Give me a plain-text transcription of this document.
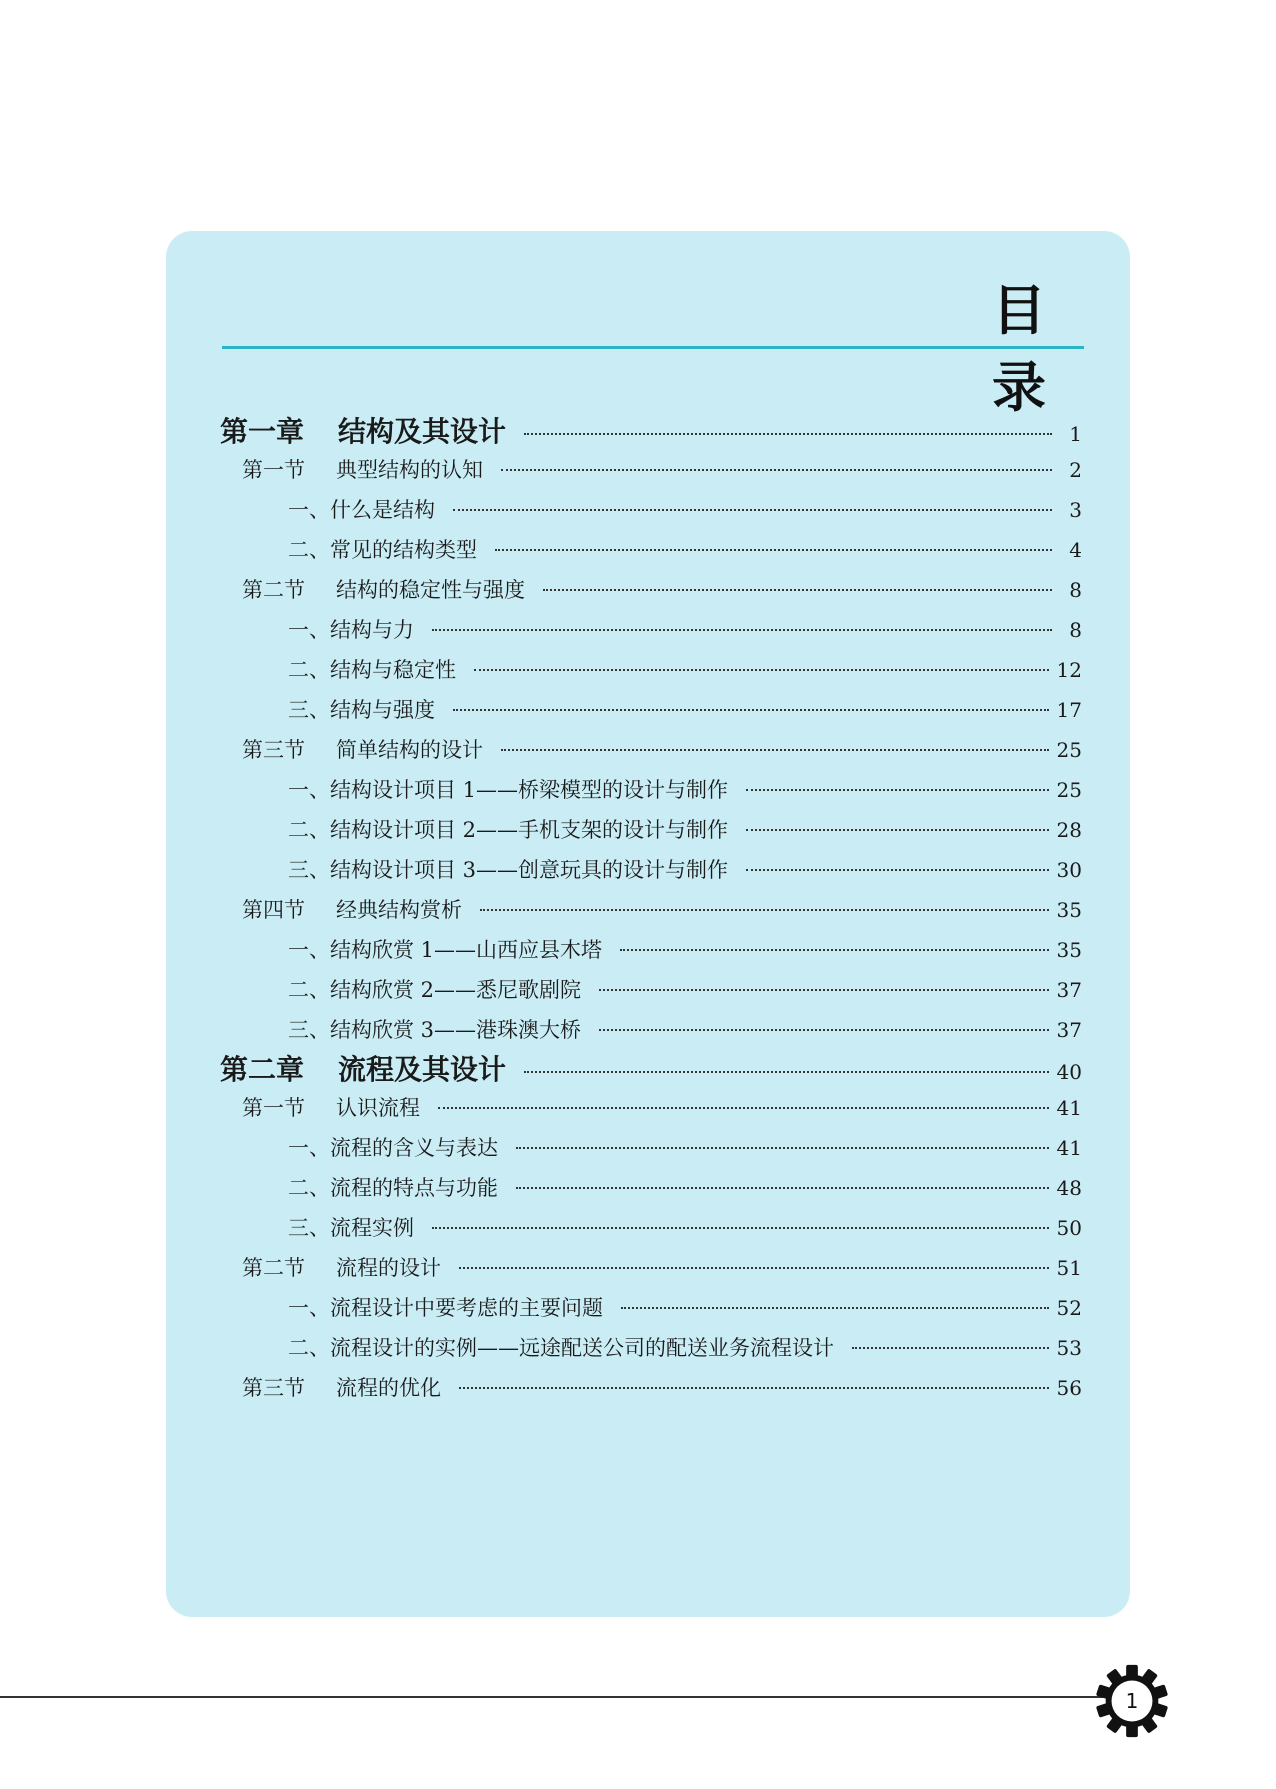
目 录
第一章	结构及其设计	1
第一节	典型结构的认知	2
一、什么是结构	3
二、常见的结构类型	4
第二节	结构的稳定性与强度	8
一、结构与力	8
二、结构与稳定性	12
三、结构与强度	17
第三节	简单结构的设计	25
一、结构设计项目 1——桥梁模型的设计与制作	25
二、结构设计项目 2——手机支架的设计与制作	28
三、结构设计项目 3——创意玩具的设计与制作	30
第四节	经典结构赏析	35
一、结构欣赏 1——山西应县木塔	35
二、结构欣赏 2——悉尼歌剧院	37
三、结构欣赏 3——港珠澳大桥	37
第二章	流程及其设计	40
第一节	认识流程	41
一、流程的含义与表达	41
二、流程的特点与功能	48
三、流程实例	50
第二节	流程的设计	51
一、流程设计中要考虑的主要问题	52
二、流程设计的实例——远途配送公司的配送业务流程设计	53
第三节	流程的优化	56
1
